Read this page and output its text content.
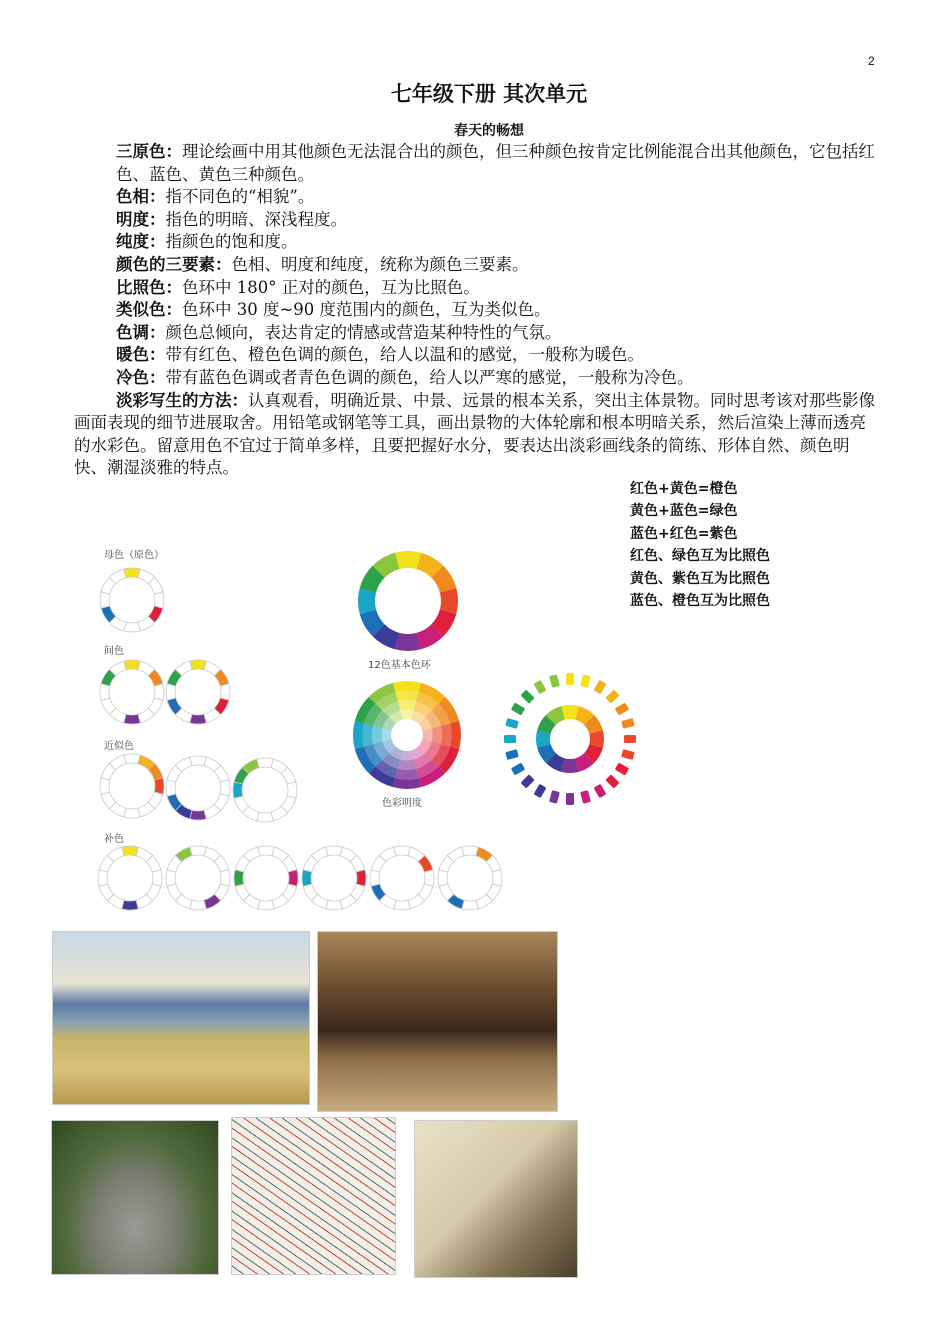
2
七年级下册 其次单元
春天的畅想

三原色：理论绘画中用其他颜色无法混合出的颜色，但三种颜色按肯定比例能混合出其他颜色，它包括红色、蓝色、黄色三种颜色。

色相：指不同色的“相貌”。

明度：指色的明暗、深浅程度。

纯度：指颜色的饱和度。

颜色的三要素：色相、明度和纯度，统称为颜色三要素。

比照色：色环中 180° 正对的颜色，互为比照色。

类似色：色环中 30 度~90 度范围内的颜色，互为类似色。

色调：颜色总倾向，表达肯定的情感或营造某种特性的气氛。

暖色：带有红色、橙色色调的颜色，给人以温和的感觉，一般称为暖色。

冷色：带有蓝色色调或者青色色调的颜色，给人以严寒的感觉，一般称为冷色。

淡彩写生的方法：认真观看，明确近景、中景、远景的根本关系，突出主体景物。同时思考该对那些影像画面表现的细节进展取舍。用铅笔或钢笔等工具，画出景物的大体轮廓和根本明暗关系，然后渲染上薄而透亮的水彩色。留意用色不宜过于简单多样，且要把握好水分，要表达出淡彩画线条的简练、形体自然、颜色明快、潮湿淡雅的特点。

红色+黄色=橙色
黄色+蓝色=绿色
蓝色+红色=紫色
红色、绿色互为比照色
黄色、紫色互为比照色
蓝色、橙色互为比照色
母色（原色）
间色
近似色
补色
12色基本色环
色彩明度
